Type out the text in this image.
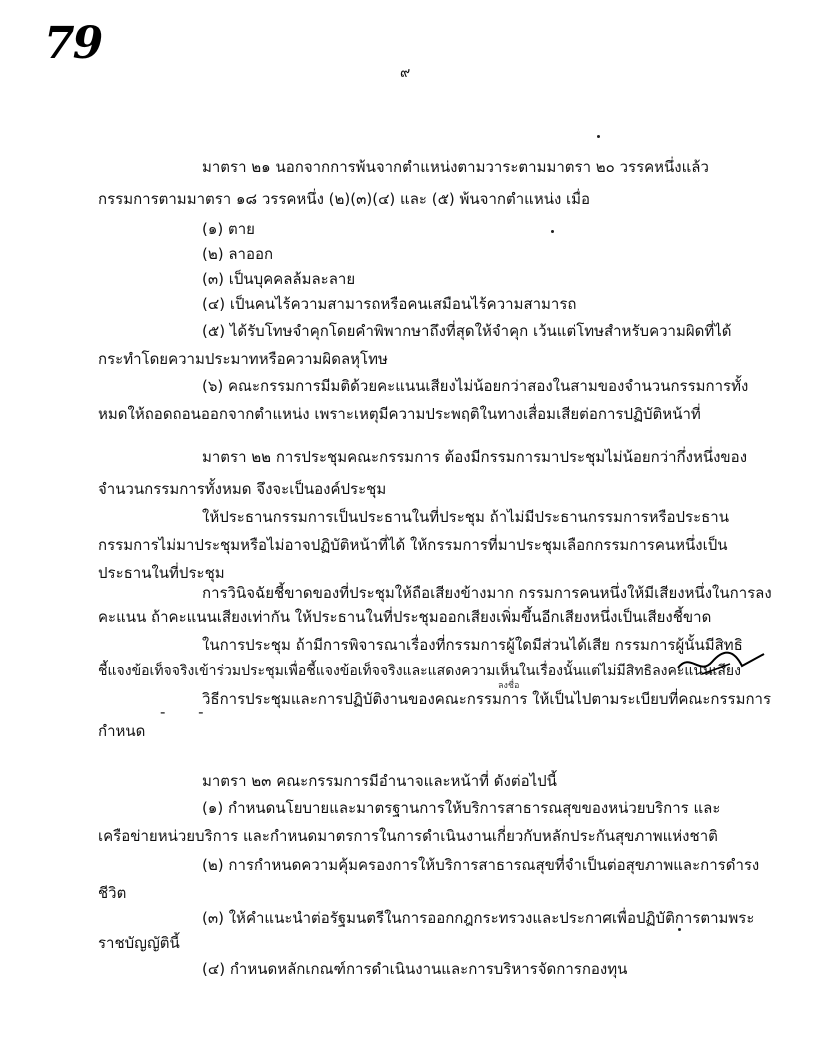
79
๙
มาตรา ๒๑ นอกจากการพ้นจากตำแหน่งตามวาระตามมาตรา ๒๐ วรรคหนึ่งแล้ว
กรรมการตามมาตรา ๑๘ วรรคหนึ่ง (๒)(๓)(๔) และ (๕) พ้นจากตำแหน่ง เมื่อ
(๑) ตาย
(๒) ลาออก
(๓) เป็นบุคคลล้มละลาย
(๔) เป็นคนไร้ความสามารถหรือคนเสมือนไร้ความสามารถ
(๕) ได้รับโทษจำคุกโดยคำพิพากษาถึงที่สุดให้จำคุก เว้นแต่โทษสำหรับความผิดที่ได้
กระทำโดยความประมาทหรือความผิดลหุโทษ
(๖) คณะกรรมการมีมติด้วยคะแนนเสียงไม่น้อยกว่าสองในสามของจำนวนกรรมการทั้ง
หมดให้ถอดถอนออกจากตำแหน่ง เพราะเหตุมีความประพฤติในทางเสื่อมเสียต่อการปฏิบัติหน้าที่
มาตรา ๒๒ การประชุมคณะกรรมการ ต้องมีกรรมการมาประชุมไม่น้อยกว่ากึ่งหนึ่งของ
จำนวนกรรมการทั้งหมด จึงจะเป็นองค์ประชุม
ให้ประธานกรรมการเป็นประธานในที่ประชุม ถ้าไม่มีประธานกรรมการหรือประธาน
กรรมการไม่มาประชุมหรือไม่อาจปฏิบัติหน้าที่ได้ ให้กรรมการที่มาประชุมเลือกกรรมการคนหนึ่งเป็น
ประธานในที่ประชุม
การวินิจฉัยชี้ขาดของที่ประชุมให้ถือเสียงข้างมาก กรรมการคนหนึ่งให้มีเสียงหนึ่งในการลง
คะแนน ถ้าคะแนนเสียงเท่ากัน ให้ประธานในที่ประชุมออกเสียงเพิ่มขึ้นอีกเสียงหนึ่งเป็นเสียงชี้ขาด
ในการประชุม ถ้ามีการพิจารณาเรื่องที่กรรมการผู้ใดมีส่วนได้เสีย กรรมการผู้นั้นมีสิทธิ
ชี้แจงข้อเท็จจริงเข้าร่วมประชุมเพื่อชี้แจงข้อเท็จจริงและแสดงความเห็นในเรื่องนั้นแต่ไม่มีสิทธิลงคะแนนเสียง
- -
วิธีการประชุมและการปฏิบัติงานของคณะกรรมการ ให้เป็นไปตามระเบียบที่คณะกรรมการ
กำหนด
ลงชื่อ
มาตรา ๒๓ คณะกรรมการมีอำนาจและหน้าที่ ดังต่อไปนี้
(๑) กำหนดนโยบายและมาตรฐานการให้บริการสาธารณสุขของหน่วยบริการ และ
เครือข่ายหน่วยบริการ และกำหนดมาตรการในการดำเนินงานเกี่ยวกับหลักประกันสุขภาพแห่งชาติ
(๒) การกำหนดความคุ้มครองการให้บริการสาธารณสุขที่จำเป็นต่อสุขภาพและการดำรง
ชีวิต
(๓) ให้คำแนะนำต่อรัฐมนตรีในการออกกฎกระทรวงและประกาศเพื่อปฏิบัติการตามพระ
ราชบัญญัตินี้
(๔) กำหนดหลักเกณฑ์การดำเนินงานและการบริหารจัดการกองทุน
